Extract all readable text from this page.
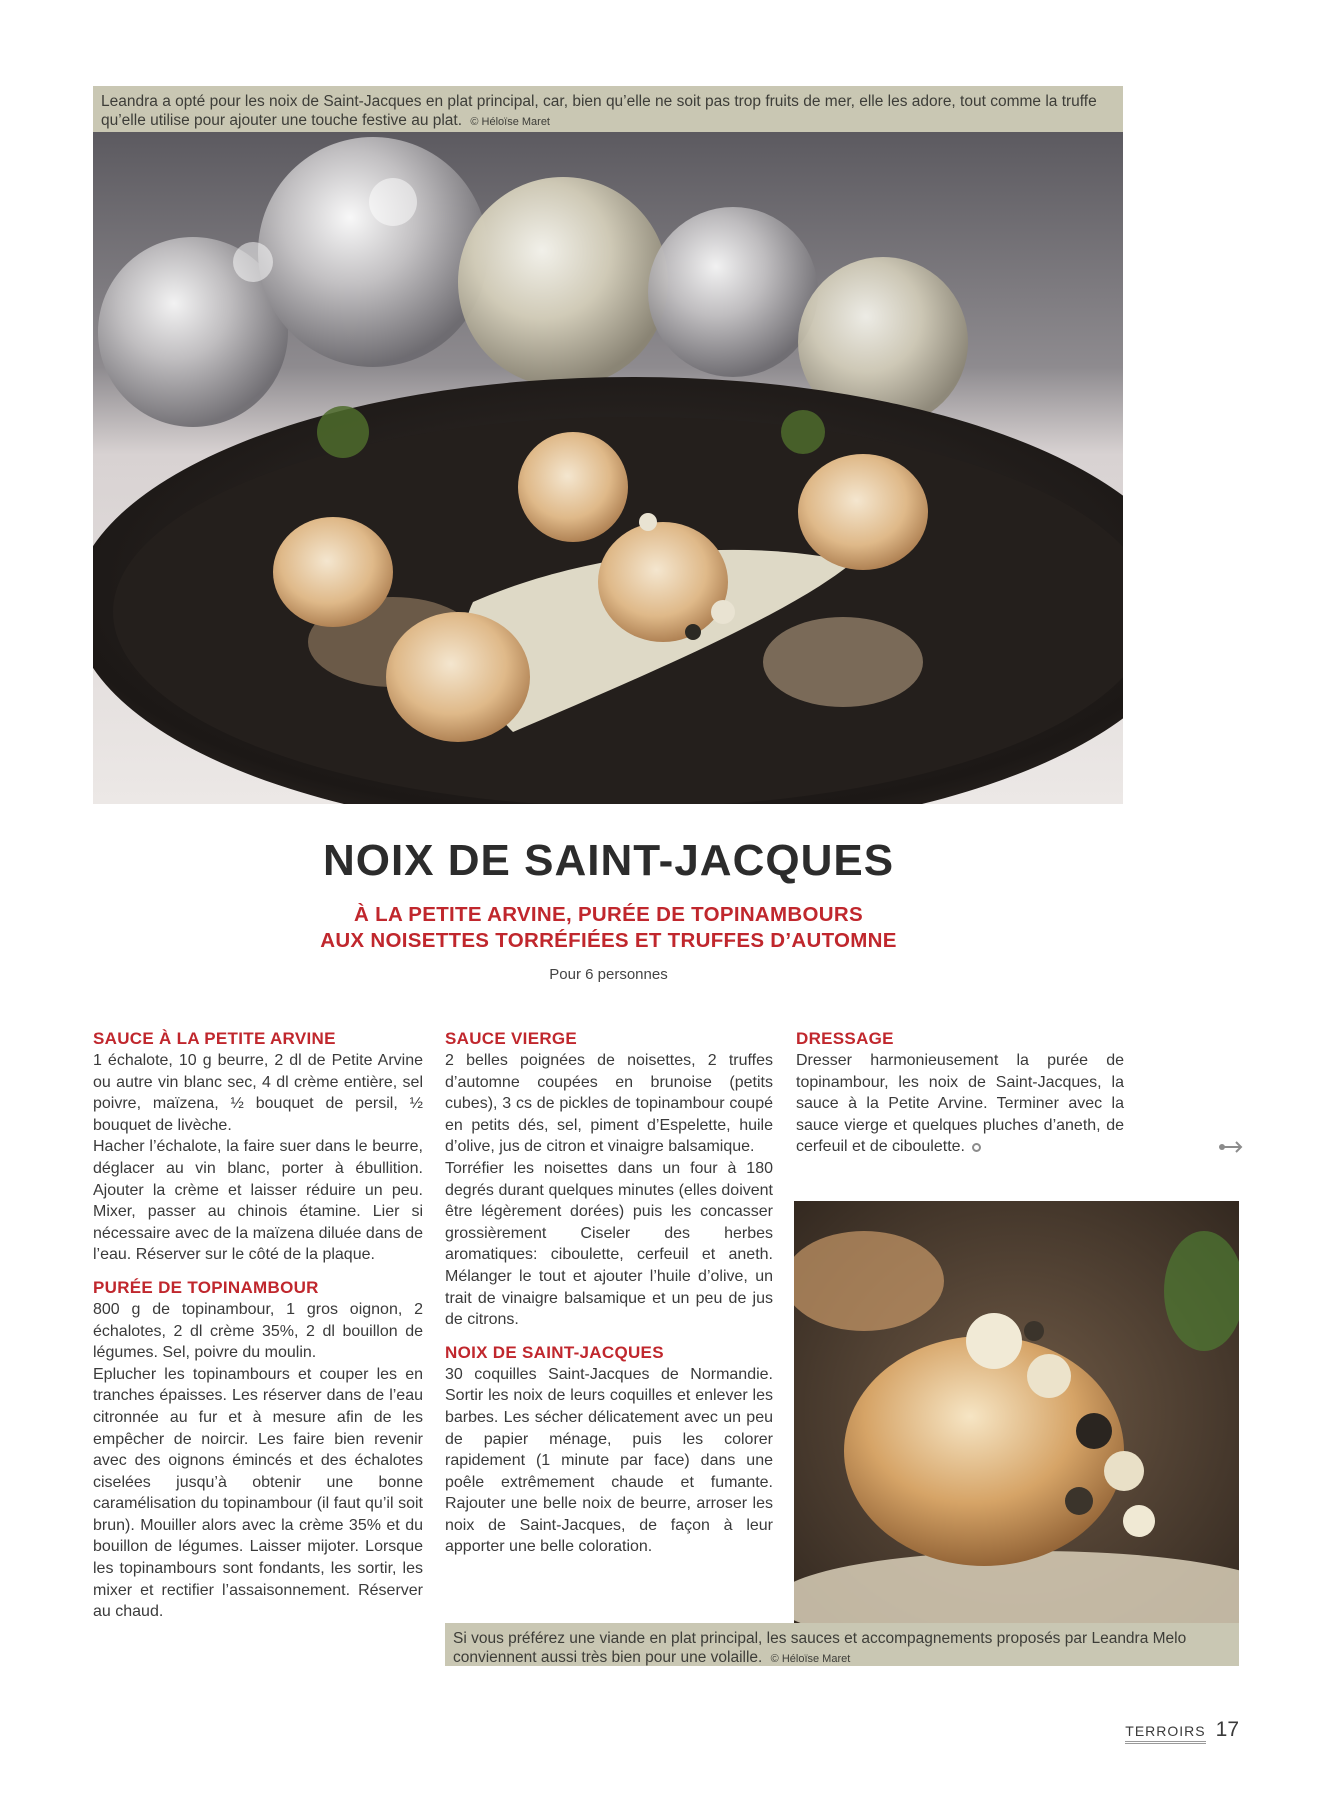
Leandra a opté pour les noix de Saint-Jacques en plat principal, car, bien qu’elle ne soit pas trop fruits de mer, elle les adore, tout comme la truffe qu’elle utilise pour ajouter une touche festive au plat. © Héloïse Maret
NOIX DE SAINT-JACQUES
À LA PETITE ARVINE, PURÉE DE TOPINAMBOURS
AUX NOISETTES TORRÉFIÉES ET TRUFFES D’AUTOMNE
Pour 6 personnes
SAUCE À LA PETITE ARVINE

1 échalote, 10 g beurre, 2 dl de Petite Arvine ou autre vin blanc sec, 4 dl crème entière, sel poivre, maïzena, ½ bouquet de persil, ½ bouquet de livèche.

Hacher l’échalote, la faire suer dans le beurre, déglacer au vin blanc, porter à ébullition. Ajouter la crème et laisser réduire un peu. Mixer, passer au chinois étamine. Lier si nécessaire avec de la maïzena diluée dans de l’eau. Réserver sur le côté de la plaque.

PURÉE DE TOPINAMBOUR

800 g de topinambour, 1 gros oignon, 2 échalotes, 2 dl crème 35%, 2 dl bouillon de légumes. Sel, poivre du moulin.

Eplucher les topinambours et couper les en tranches épaisses. Les réserver dans de l’eau citronnée au fur et à mesure afin de les empêcher de noircir. Les faire bien revenir avec des oignons émincés et des échalotes ciselées jusqu’à obtenir une bonne caramélisation du topinambour (il faut qu’il soit brun). Mouiller alors avec la crème 35% et du bouillon de légumes. Laisser mijoter. Lorsque les topinambours sont fondants, les sortir, les mixer et rectifier l’assaisonnement. Réserver au chaud.

SAUCE VIERGE

2 belles poignées de noisettes, 2 truffes d’automne coupées en brunoise (petits cubes), 3 cs de pickles de topinambour coupé en petits dés, sel, piment d’Espelette, huile d’olive, jus de citron et vinaigre balsamique.

Torréfier les noisettes dans un four à 180 degrés durant quelques minutes (elles doivent être légèrement dorées) puis les concasser grossièrement Ciseler des herbes aromatiques: ciboulette, cerfeuil et aneth. Mélanger le tout et ajouter l’huile d’olive, un trait de vinaigre balsamique et un peu de jus de citrons.

NOIX DE SAINT-JACQUES

30 coquilles Saint-Jacques de Normandie. Sortir les noix de leurs coquilles et enlever les barbes. Les sécher délicatement avec un peu de papier ménage, puis les colorer rapidement (1 minute par face) dans une poêle extrêmement chaude et fumante. Rajouter une belle noix de beurre, arroser les noix de Saint-Jacques, de façon à leur apporter une belle coloration.

DRESSAGE

Dresser harmonieusement la purée de topinambour, les noix de Saint-Jacques, la sauce à la Petite Arvine. Terminer avec la sauce vierge et quelques pluches d’aneth, de cerfeuil et de ciboulette.

Si vous préférez une viande en plat principal, les sauces et accompagnements proposés par Leandra Melo conviennent aussi très bien pour une volaille. © Héloïse Maret
TERROIRS 17
